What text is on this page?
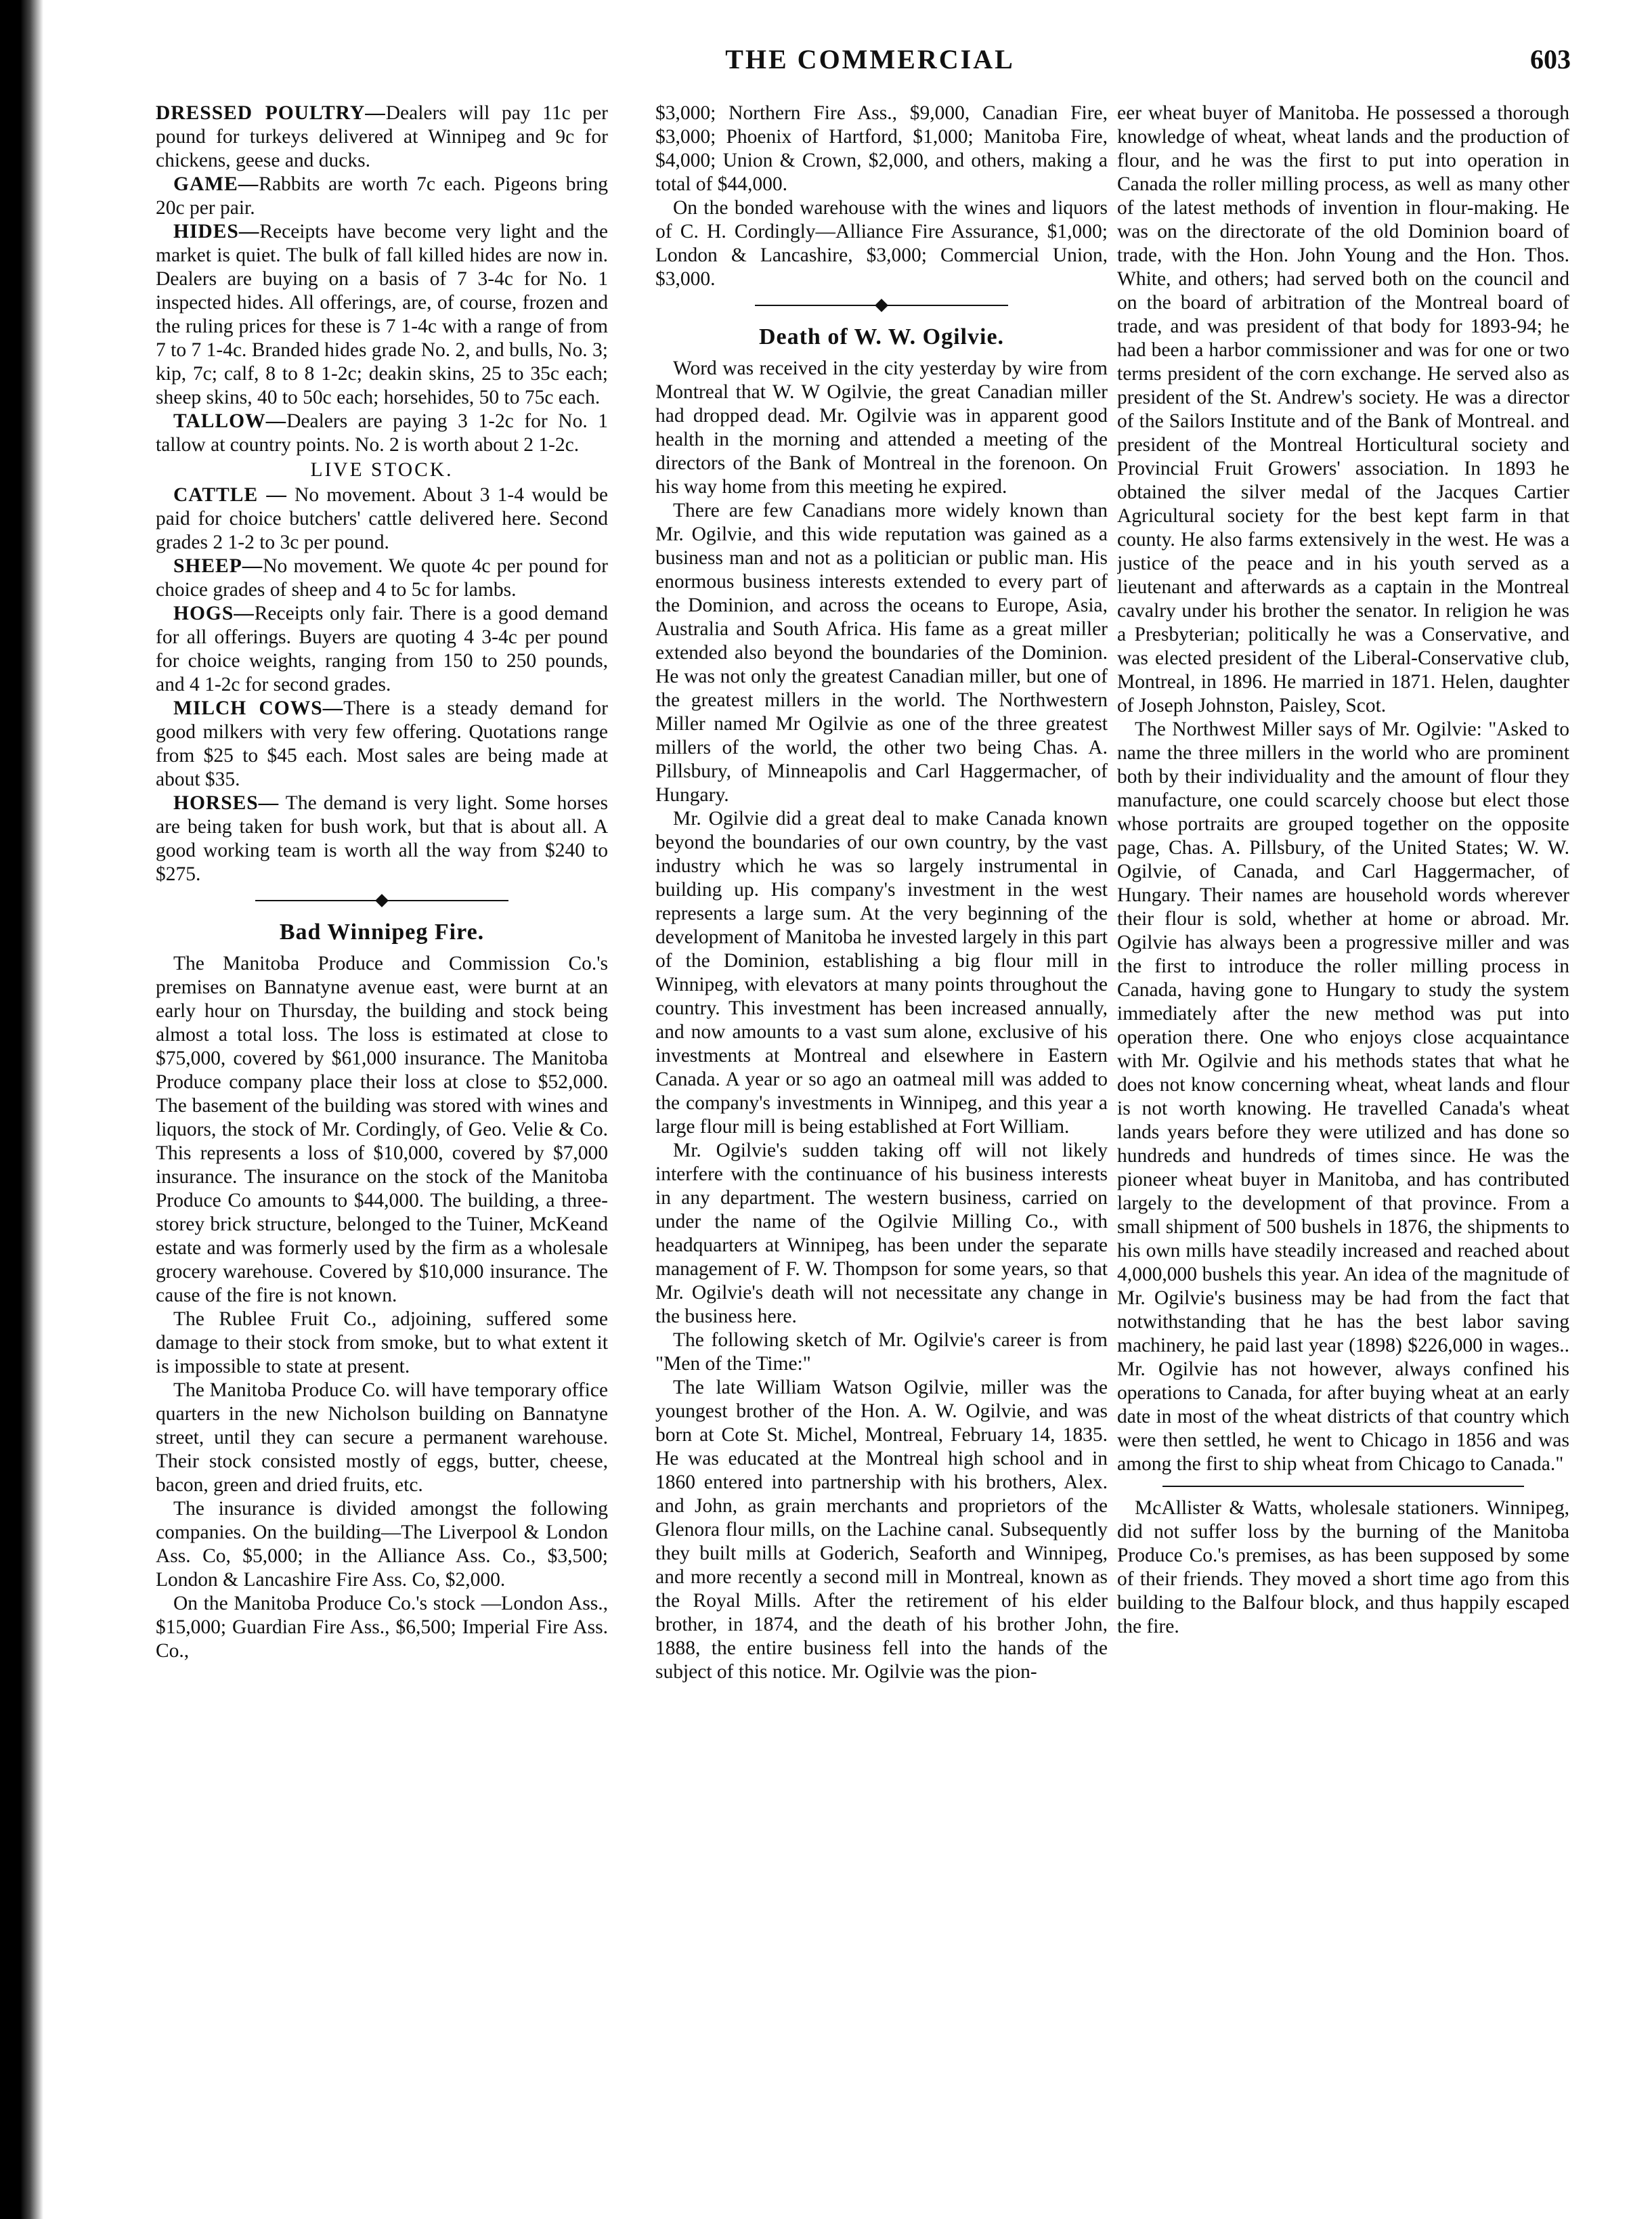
THE COMMERCIAL	603

DRESSED POULTRY—Dealers will pay 11c per pound for turkeys delivered at Winnipeg and 9c for chickens, geese and ducks.

GAME—Rabbits are worth 7c each. Pigeons bring 20c per pair.

HIDES—Receipts have become very light and the market is quiet. The bulk of fall killed hides are now in. Dealers are buying on a basis of 7 3-4c for No. 1 inspected hides. All offerings, are, of course, frozen and the ruling prices for these is 7 1-4c with a range of from 7 to 7 1-4c. Branded hides grade No. 2, and bulls, No. 3; kip, 7c; calf, 8 to 8 1-2c; deakin skins, 25 to 35c each; sheep skins, 40 to 50c each; horsehides, 50 to 75c each.

TALLOW—Dealers are paying 3 1-2c for No. 1 tallow at country points. No. 2 is worth about 2 1-2c.

LIVE STOCK.

CATTLE — No movement. About 3 1-4 would be paid for choice butchers' cattle delivered here. Second grades 2 1-2 to 3c per pound.

SHEEP—No movement. We quote 4c per pound for choice grades of sheep and 4 to 5c for lambs.

HOGS—Receipts only fair. There is a good demand for all offerings. Buyers are quoting 4 3-4c per pound for choice weights, ranging from 150 to 250 pounds, and 4 1-2c for second grades.

MILCH COWS—There is a steady demand for good milkers with very few offering. Quotations range from $25 to $45 each. Most sales are being made at about $35.

HORSES— The demand is very light. Some horses are being taken for bush work, but that is about all. A good working team is worth all the way from $240 to $275.

Bad Winnipeg Fire.

The Manitoba Produce and Commission Co.'s premises on Bannatyne avenue east, were burnt at an early hour on Thursday, the building and stock being almost a total loss. The loss is estimated at close to $75,000, covered by $61,000 insurance. The Manitoba Produce company place their loss at close to $52,000. The basement of the building was stored with wines and liquors, the stock of Mr. Cordingly, of Geo. Velie & Co. This represents a loss of $10,000, covered by $7,000 insurance. The insurance on the stock of the Manitoba Produce Co amounts to $44,000. The building, a three-storey brick structure, belonged to the Tuiner, McKeand estate and was formerly used by the firm as a wholesale grocery warehouse. Covered by $10,000 insurance. The cause of the fire is not known.

The Rublee Fruit Co., adjoining, suffered some damage to their stock from smoke, but to what extent it is impossible to state at present.

The Manitoba Produce Co. will have temporary office quarters in the new Nicholson building on Bannatyne street, until they can secure a permanent warehouse. Their stock consisted mostly of eggs, butter, cheese, bacon, green and dried fruits, etc.

The insurance is divided amongst the following companies. On the building—The Liverpool & London Ass. Co, $5,000; in the Alliance Ass. Co., $3,500; London & Lancashire Fire Ass. Co, $2,000.

On the Manitoba Produce Co.'s stock —London Ass., $15,000; Guardian Fire Ass., $6,500; Imperial Fire Ass. Co.,

$3,000; Northern Fire Ass., $9,000, Canadian Fire, $3,000; Phoenix of Hartford, $1,000; Manitoba Fire, $4,000; Union & Crown, $2,000, and others, making a total of $44,000.

On the bonded warehouse with the wines and liquors of C. H. Cordingly—Alliance Fire Assurance, $1,000; London & Lancashire, $3,000; Commercial Union, $3,000.

Death of W. W. Ogilvie.

Word was received in the city yesterday by wire from Montreal that W. W Ogilvie, the great Canadian miller had dropped dead. Mr. Ogilvie was in apparent good health in the morning and attended a meeting of the directors of the Bank of Montreal in the forenoon. On his way home from this meeting he expired.

There are few Canadians more widely known than Mr. Ogilvie, and this wide reputation was gained as a business man and not as a politician or public man. His enormous business interests extended to every part of the Dominion, and across the oceans to Europe, Asia, Australia and South Africa. His fame as a great miller extended also beyond the boundaries of the Dominion. He was not only the greatest Canadian miller, but one of the greatest millers in the world. The Northwestern Miller named Mr Ogilvie as one of the three greatest millers of the world, the other two being Chas. A. Pillsbury, of Minneapolis and Carl Haggermacher, of Hungary.

Mr. Ogilvie did a great deal to make Canada known beyond the boundaries of our own country, by the vast industry which he was so largely instrumental in building up. His company's investment in the west represents a large sum. At the very beginning of the development of Manitoba he invested largely in this part of the Dominion, establishing a big flour mill in Winnipeg, with elevators at many points throughout the country. This investment has been increased annually, and now amounts to a vast sum alone, exclusive of his investments at Montreal and elsewhere in Eastern Canada. A year or so ago an oatmeal mill was added to the company's investments in Winnipeg, and this year a large flour mill is being established at Fort William.

Mr. Ogilvie's sudden taking off will not likely interfere with the continuance of his business interests in any department. The western business, carried on under the name of the Ogilvie Milling Co., with headquarters at Winnipeg, has been under the separate management of F. W. Thompson for some years, so that Mr. Ogilvie's death will not necessitate any change in the business here.

The following sketch of Mr. Ogilvie's career is from "Men of the Time:"

The late William Watson Ogilvie, miller was the youngest brother of the Hon. A. W. Ogilvie, and was born at Cote St. Michel, Montreal, February 14, 1835. He was educated at the Montreal high school and in 1860 entered into partnership with his brothers, Alex. and John, as grain merchants and proprietors of the Glenora flour mills, on the Lachine canal. Subsequently they built mills at Goderich, Seaforth and Winnipeg, and more recently a second mill in Montreal, known as the Royal Mills. After the retirement of his elder brother, in 1874, and the death of his brother John, 1888, the entire business fell into the hands of the subject of this notice. Mr. Ogilvie was the pion-

eer wheat buyer of Manitoba. He possessed a thorough knowledge of wheat, wheat lands and the production of flour, and he was the first to put into operation in Canada the roller milling process, as well as many other of the latest methods of invention in flour-making. He was on the directorate of the old Dominion board of trade, with the Hon. John Young and the Hon. Thos. White, and others; had served both on the council and on the board of arbitration of the Montreal board of trade, and was president of that body for 1893-94; he had been a harbor commissioner and was for one or two terms president of the corn exchange. He served also as president of the St. Andrew's society. He was a director of the Sailors Institute and of the Bank of Montreal. and president of the Montreal Horticultural society and Provincial Fruit Growers' association. In 1893 he obtained the silver medal of the Jacques Cartier Agricultural society for the best kept farm in that county. He also farms extensively in the west. He was a justice of the peace and in his youth served as a lieutenant and afterwards as a captain in the Montreal cavalry under his brother the senator. In religion he was a Presbyterian; politically he was a Conservative, and was elected president of the Liberal-Conservative club, Montreal, in 1896. He married in 1871. Helen, daughter of Joseph Johnston, Paisley, Scot.

The Northwest Miller says of Mr. Ogilvie: "Asked to name the three millers in the world who are prominent both by their individuality and the amount of flour they manufacture, one could scarcely choose but elect those whose portraits are grouped together on the opposite page, Chas. A. Pillsbury, of the United States; W. W. Ogilvie, of Canada, and Carl Haggermacher, of Hungary. Their names are household words wherever their flour is sold, whether at home or abroad. Mr. Ogilvie has always been a progressive miller and was the first to introduce the roller milling process in Canada, having gone to Hungary to study the system immediately after the new method was put into operation there. One who enjoys close acquaintance with Mr. Ogilvie and his methods states that what he does not know concerning wheat, wheat lands and flour is not worth knowing. He travelled Canada's wheat lands years before they were utilized and has done so hundreds and hundreds of times since. He was the pioneer wheat buyer in Manitoba, and has contributed largely to the development of that province. From a small shipment of 500 bushels in 1876, the shipments to his own mills have steadily increased and reached about 4,000,000 bushels this year. An idea of the magnitude of Mr. Ogilvie's business may be had from the fact that notwithstanding that he has the best labor saving machinery, he paid last year (1898) $226,000 in wages.. Mr. Ogilvie has not however, always confined his operations to Canada, for after buying wheat at an early date in most of the wheat districts of that country which were then settled, he went to Chicago in 1856 and was among the first to ship wheat from Chicago to Canada."

McAllister & Watts, wholesale stationers. Winnipeg, did not suffer loss by the burning of the Manitoba Produce Co.'s premises, as has been supposed by some of their friends. They moved a short time ago from this building to the Balfour block, and thus happily escaped the fire.
